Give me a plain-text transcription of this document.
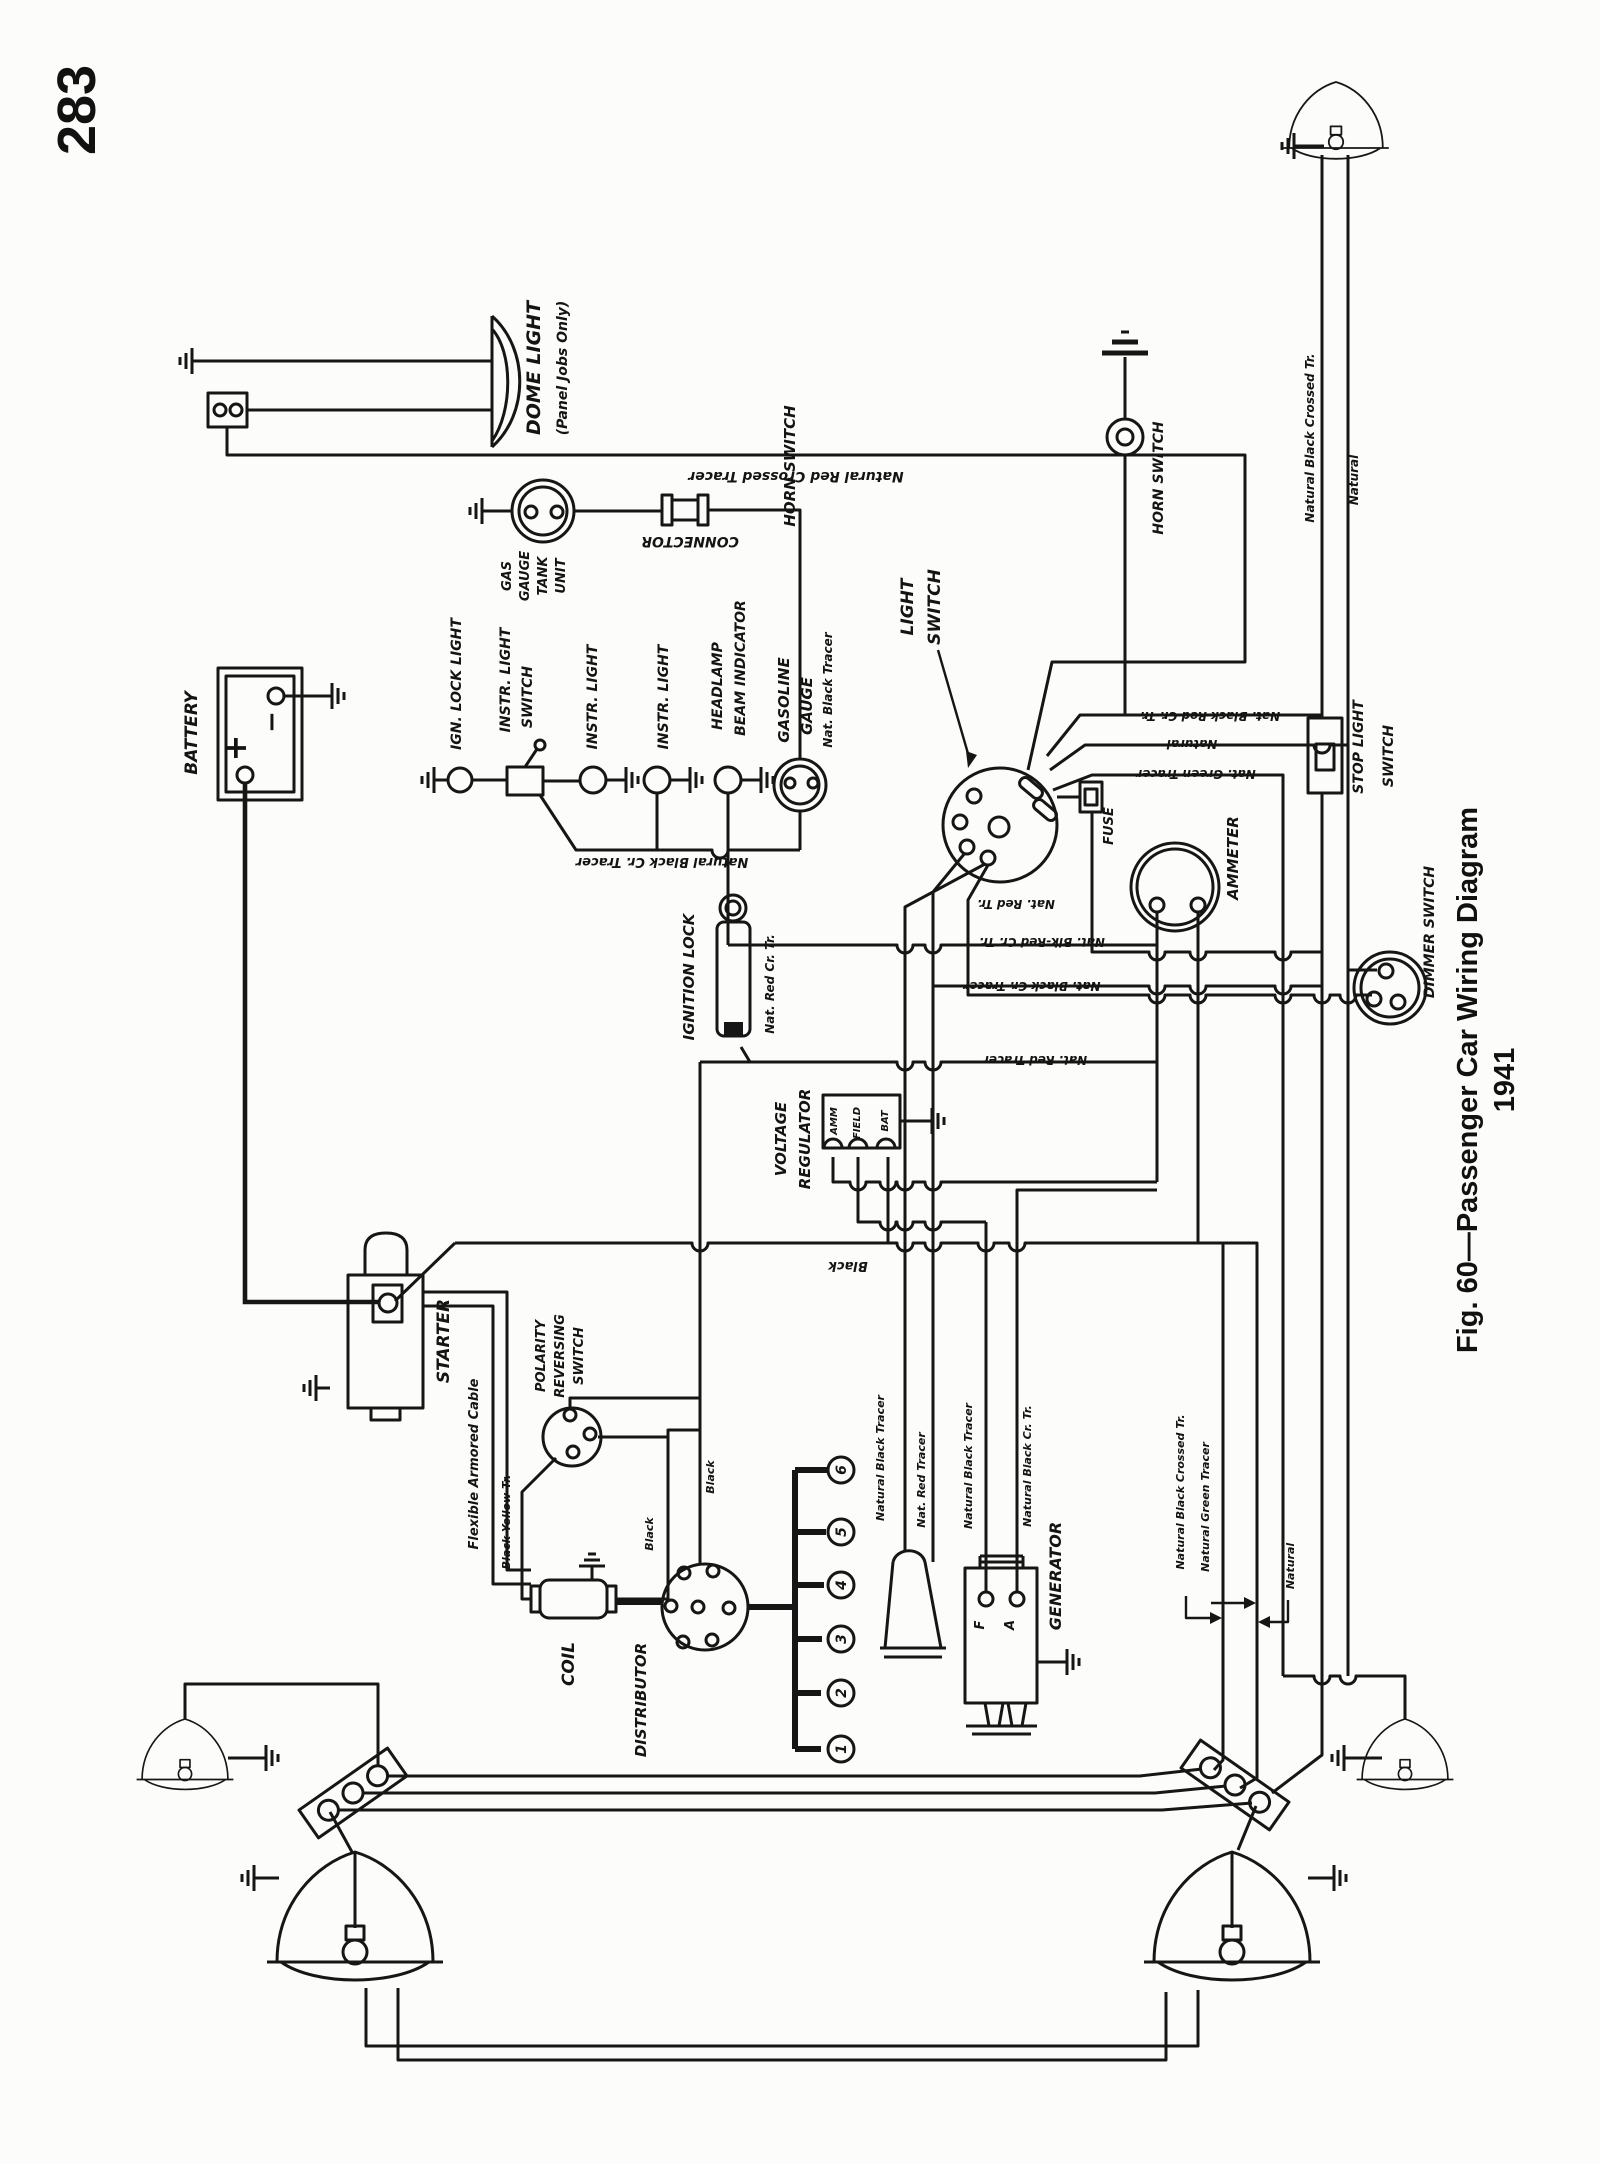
283
DOME LIGHT (Panel Jobs Only)
GAS GAUGE TANK UNIT
CONNECTOR
Natural Red Crossed Tracer
BATTERY +
−	IGN. LOCK LIGHT INSTR. LIGHT SWITCH	INSTR. LIGHT	INSTR. LIGHT	HEADLAMP BEAM INDICATOR GASOLINE GAUGE Nat. Black Tracer
Natural Black Cr. Tracer
LIGHT SWITCH
FUSE
HORN SWITCH	HORN SWITCH	Natural Black Crossed Tr.	Natural
STOP LIGHT SWITCH
AMMETER
DIMMER SWITCH
Nat. Black Red Cr. Tr.
Natural
Nat. Green Tracer
Nat. Red Tr.
Nat. Blk-Red Cr. Tr.
Nat. Black Cr. Tracer
Nat. Red Tracer
IGNITION LOCK	Nat. Red Cr. Tr.
VOLTAGE REGULATOR AMM FIELD BAT
Black
STARTER	POLARITY REVERSING SWITCH
Flexible Armored Cable Black Yellow Tr.
COIL
Black
Black
DISTRIBUTOR
6
5
4
3
2
1
Natural Black Tracer	Nat. Red Tracer	Natural Black Tracer	Natural Black Cr. Tr.
GENERATOR
F A
Natural Black Crossed Tr. Natural Green Tracer	Natural
Fig. 60—Passenger Car Wiring Diagram 1941
